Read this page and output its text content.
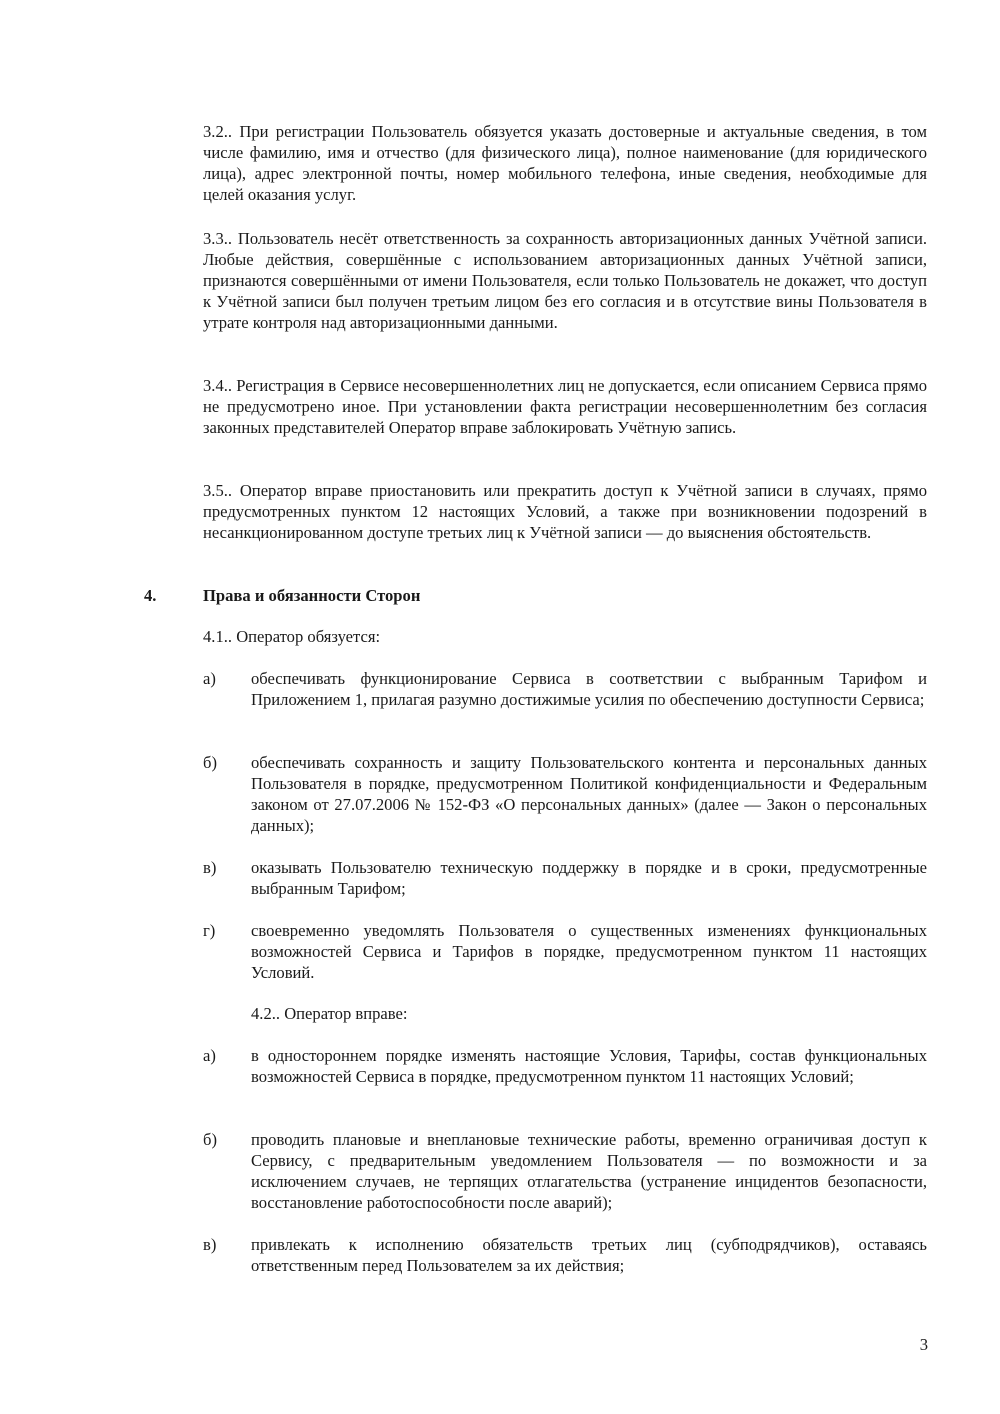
3.2.. При регистрации Пользователь обязуется указать достоверные и актуальные сведения, в том числе фамилию, имя и отчество (для физического лица), полное наименование (для юридического лица), адрес электронной почты, номер мобильного телефона, иные сведения, необходимые для целей оказания услуг.

3.3.. Пользователь несёт ответственность за сохранность авторизационных данных Учётной записи. Любые действия, совершённые с использованием авторизационных данных Учётной записи, признаются совершёнными от имени Пользователя, если только Пользователь не докажет, что доступ к Учётной записи был получен третьим лицом без его согласия и в отсутствие вины Пользователя в утрате контроля над авторизационными данными.

3.4.. Регистрация в Сервисе несовершеннолетних лиц не допускается, если описанием Сервиса прямо не предусмотрено иное. При установлении факта регистрации несовершеннолетним без согласия законных представителей Оператор вправе заблокировать Учётную запись.

3.5.. Оператор вправе приостановить или прекратить доступ к Учётной записи в случаях, прямо предусмотренных пунктом 12 настоящих Условий, а также при возникновении подозрений в несанкционированном доступе третьих лиц к Учётной записи — до выяснения обстоятельств.

4.	Права и обязанности Сторон

4.1.. Оператор обязуется:

а) обеспечивать функционирование Сервиса в соответствии с выбранным Тарифом и Приложением 1, прилагая разумно достижимые усилия по обеспечению доступности Сервиса;

б) обеспечивать сохранность и защиту Пользовательского контента и персональных данных Пользователя в порядке, предусмотренном Политикой конфиденциальности и Федеральным законом от 27.07.2006 № 152-ФЗ «О персональных данных» (далее — Закон о персональных данных);

в) оказывать Пользователю техническую поддержку в порядке и в сроки, предусмотренные выбранным Тарифом;

г) своевременно уведомлять Пользователя о существенных изменениях функциональных возможностей Сервиса и Тарифов в порядке, предусмотренном пунктом 11 настоящих Условий.

4.2.. Оператор вправе:

а) в одностороннем порядке изменять настоящие Условия, Тарифы, состав функциональных возможностей Сервиса в порядке, предусмотренном пунктом 11 настоящих Условий;

б) проводить плановые и внеплановые технические работы, временно ограничивая доступ к Сервису, с предварительным уведомлением Пользователя — по возможности и за исключением случаев, не терпящих отлагательства (устранение инцидентов безопасности, восстановление работоспособности после аварий);

в) привлекать к исполнению обязательств третьих лиц (субподрядчиков), оставаясь ответственным перед Пользователем за их действия;

3
